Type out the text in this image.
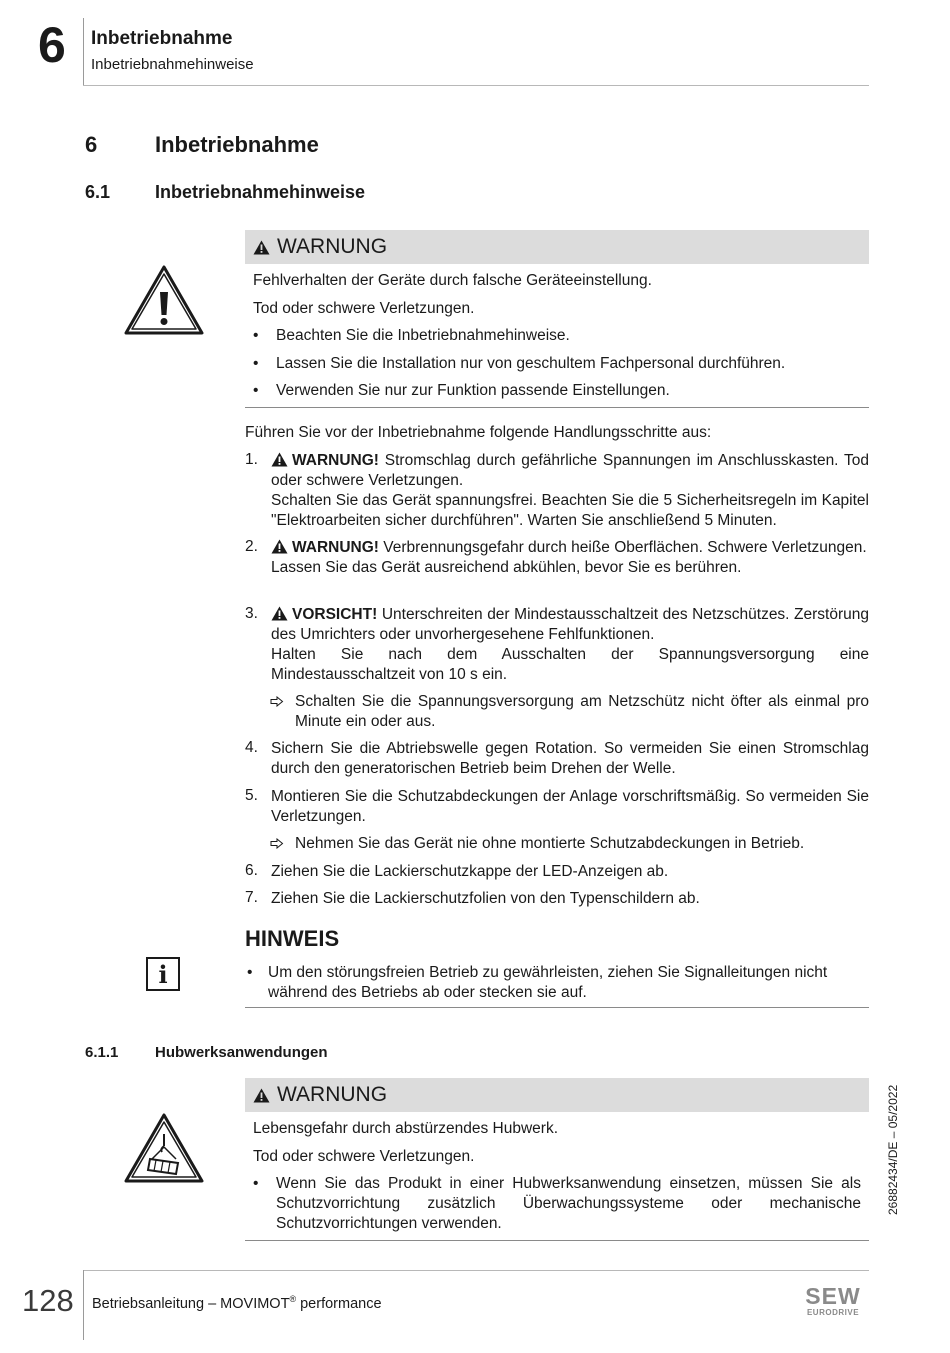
6 Inbetriebnahme
Inbetriebnahmehinweise
6	Inbetriebnahme
6.1 Inbetriebnahmehinweise
WARNUNG
Fehlverhalten der Geräte durch falsche Geräteeinstellung.
Tod oder schwere Verletzungen.
• Beachten Sie die Inbetriebnahmehinweise.
• Lassen Sie die Installation nur von geschultem Fachpersonal durchführen.
• Verwenden Sie nur zur Funktion passende Einstellungen.
Führen Sie vor der Inbetriebnahme folgende Handlungsschritte aus:
1.	WARNUNG! Stromschlag durch gefährliche Spannungen im Anschlusskasten. Tod oder schwere Verletzungen.
Schalten Sie das Gerät spannungsfrei. Beachten Sie die 5 Sicherheitsregeln im Kapitel "Elektroarbeiten sicher durchführen". Warten Sie anschließend 5 Minuten.
2.	WARNUNG! Verbrennungsgefahr durch heiße Oberflächen. Schwere Verletzungen.
Lassen Sie das Gerät ausreichend abkühlen, bevor Sie es berühren.
3.	VORSICHT! Unterschreiten der Mindestausschaltzeit des Netzschützes. Zerstörung des Umrichters oder unvorhergesehene Fehlfunktionen.
Halten Sie nach dem Ausschalten der Spannungsversorgung eine Mindestausschaltzeit von 10 s ein.
Schalten Sie die Spannungsversorgung am Netzschütz nicht öfter als einmal pro Minute ein oder aus.
4. Sichern Sie die Abtriebswelle gegen Rotation. So vermeiden Sie einen Stromschlag durch den generatorischen Betrieb beim Drehen der Welle.
5. Montieren Sie die Schutzabdeckungen der Anlage vorschriftsmäßig. So vermeiden Sie Verletzungen.
Nehmen Sie das Gerät nie ohne montierte Schutzabdeckungen in Betrieb.
6. Ziehen Sie die Lackierschutzkappe der LED-Anzeigen ab.
7. Ziehen Sie die Lackierschutzfolien von den Typenschildern ab.
HINWEIS
i	• Um den störungsfreien Betrieb zu gewährleisten, ziehen Sie Signalleitungen nicht während des Betriebs ab oder stecken sie auf.
6.1.1 Hubwerksanwendungen
WARNUNG
Lebensgefahr durch abstürzendes Hubwerk.
Tod oder schwere Verletzungen.
• Wenn Sie das Produkt in einer Hubwerksanwendung einsetzen, müssen Sie als Schutzvorrichtung zusätzlich Überwachungssysteme oder mechanische Schutzvorrichtungen verwenden.
26882434/DE – 05/2022
128 Betriebsanleitung – MOVIMOT® performance	SEW
EURODRIVE
